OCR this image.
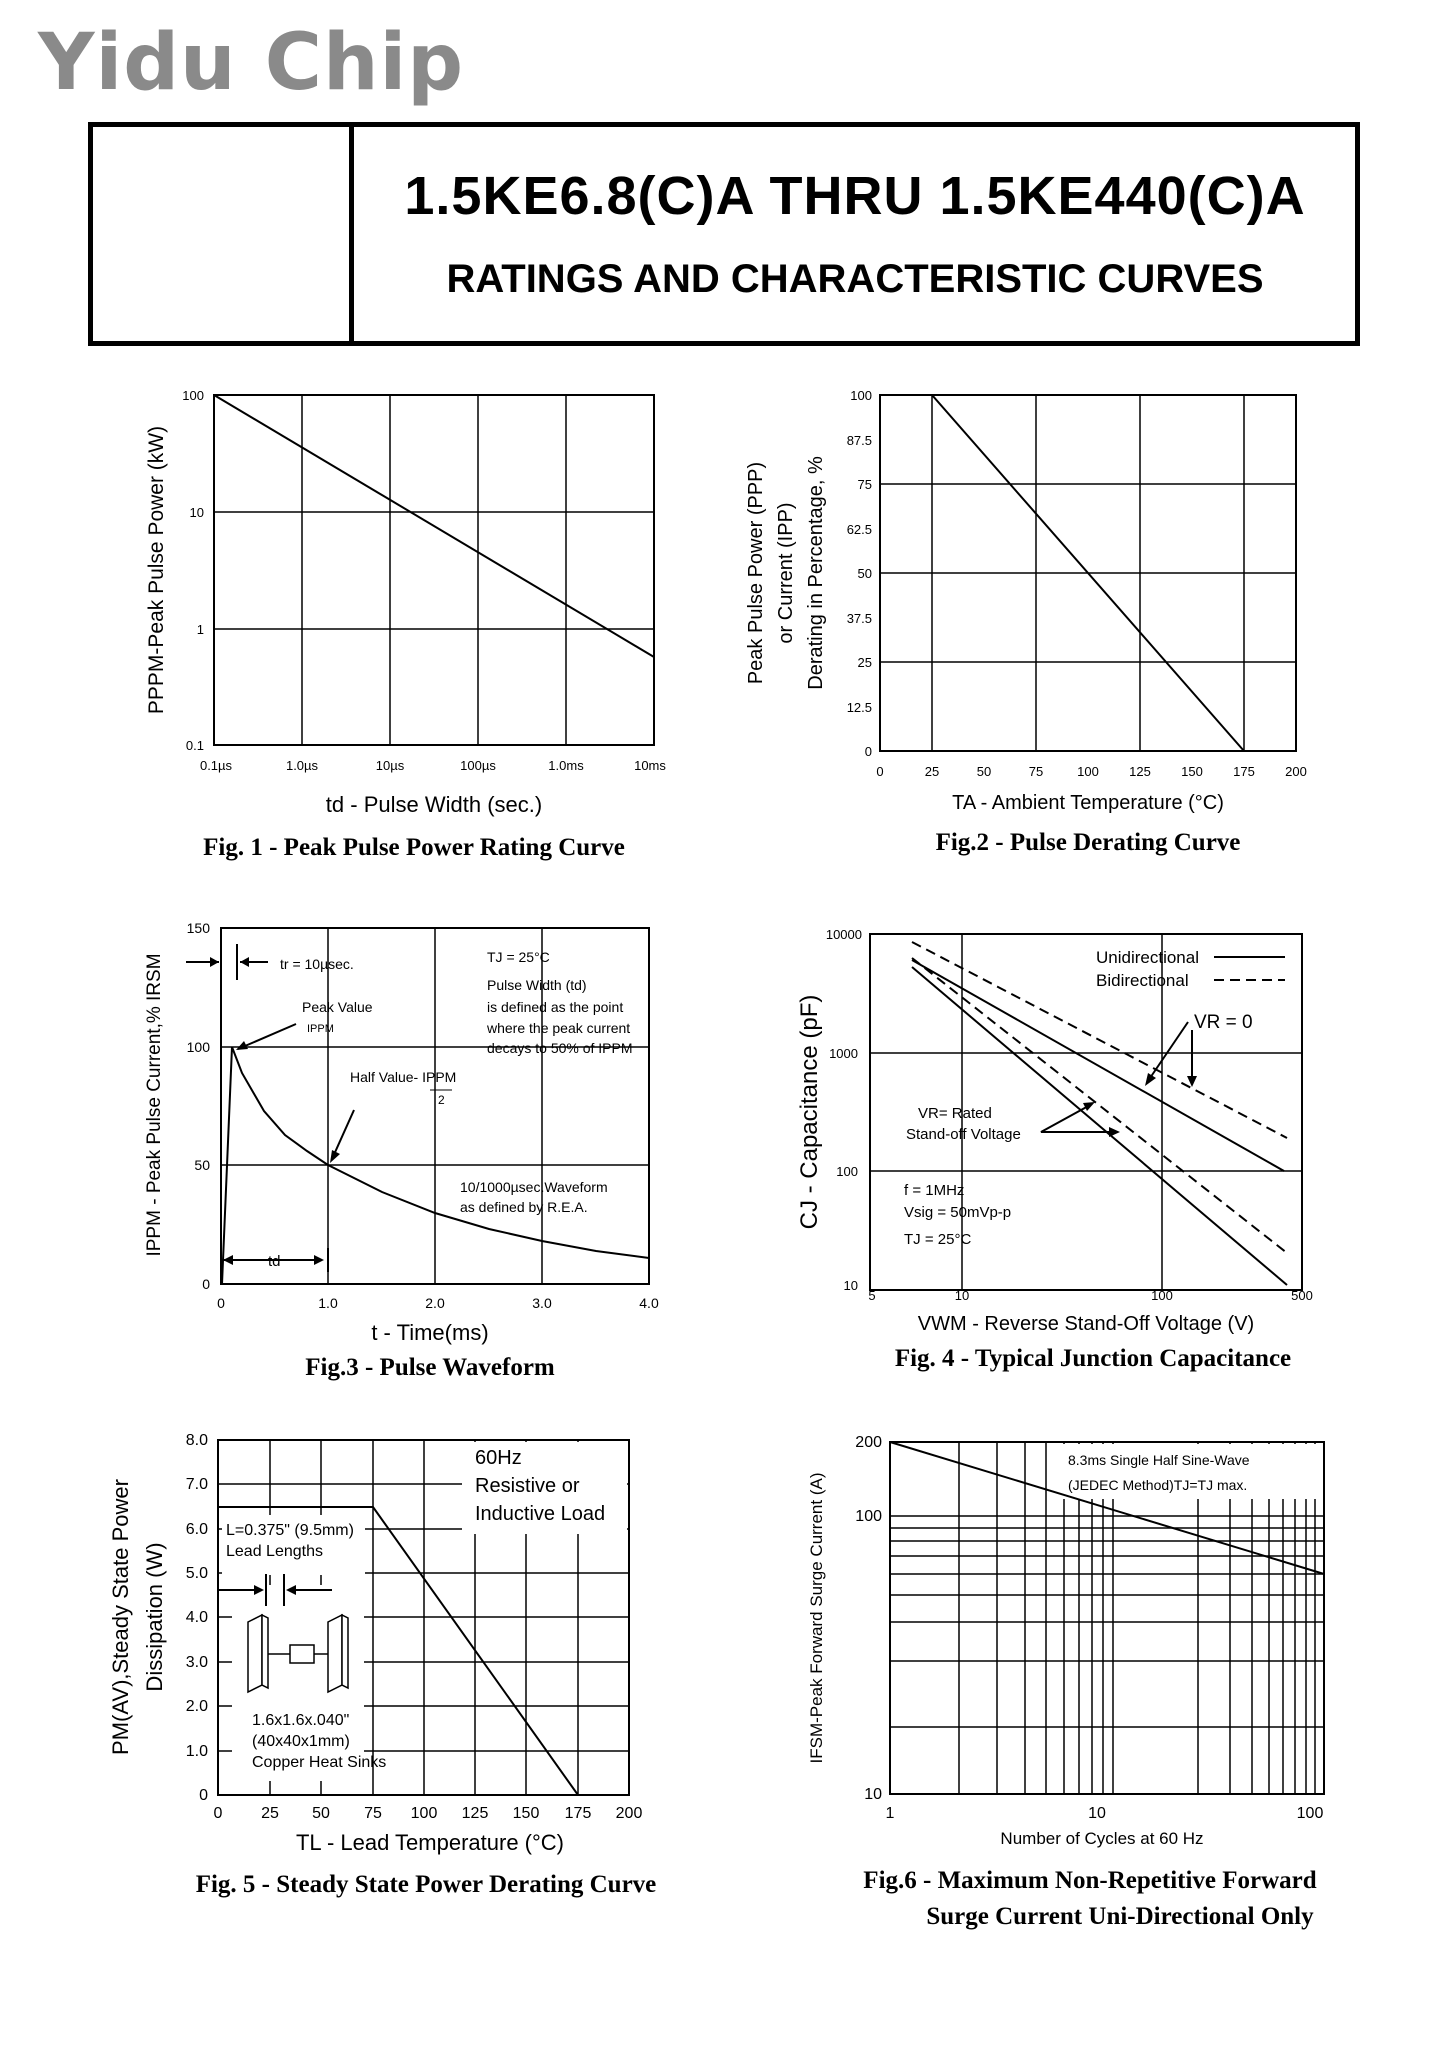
Yidu Chip
1.5KE6.8(C)A THRU 1.5KE440(C)A
RATINGS AND CHARACTERISTIC CURVES
100
10
1
0.1
0.1µs	1.0µs	10µs	100µs	1.0ms	10ms
td - Pulse Width (sec.)
PPPM-Peak Pulse Power (kW)
Fig. 1 - Peak Pulse Power Rating Curve
0
12.5
25
37.5
50
62.5
75
87.5
100
0	25	50	75	100 125 150 175 200
TA - Ambient Temperature (°C)
Peak Pulse Power (PPP) or Current (IPP) Derating in Percentage, %
Fig.2 - Pulse Derating Curve
0
50
100
150
0	1.0	2.0	3.0	4.0
tr = 10µsec.
Peak Value
IPPM
Half Value- IPPM
2
td
TJ = 25°C
Pulse Width (td)
is defined as the point
where the peak current
decays to 50% of IPPM
10/1000µsec.Waveform
as defined by R.E.A.
t - Time(ms)
IPPM - Peak Pulse Current,% IRSM
Fig.3 - Pulse Waveform
Unidirectional
Bidirectional
VR = 0
VR= Rated
Stand-off Voltage
f = 1MHz
Vsig = 50mVp-p
TJ = 25°C
10
100
1000
10000
5	10	100	500
VWM - Reverse Stand-Off Voltage (V)
CJ - Capacitance (pF)
Fig. 4 - Typical Junction Capacitance
0
1.0
2.0
3.0
4.0
5.0
6.0
7.0
8.0
0 25 50 75 100 125 150 175 200
60Hz
Resistive or
Inductive Load
L=0.375" (9.5mm)
Lead Lengths
1.6x1.6x.040"
(40x40x1mm)
Copper Heat Sinks
TL - Lead Temperature (°C)
PM(AV),Steady State Power Dissipation (W)
Fig. 5 - Steady State Power Derating Curve
8.3ms Single Half Sine-Wave
(JEDEC Method)TJ=TJ max.
10
100
200
1	10	100
Number of Cycles at 60 Hz
IFSM-Peak Forward Surge Current (A)
Fig.6 - Maximum Non-Repetitive Forward
Surge Current Uni-Directional Only
